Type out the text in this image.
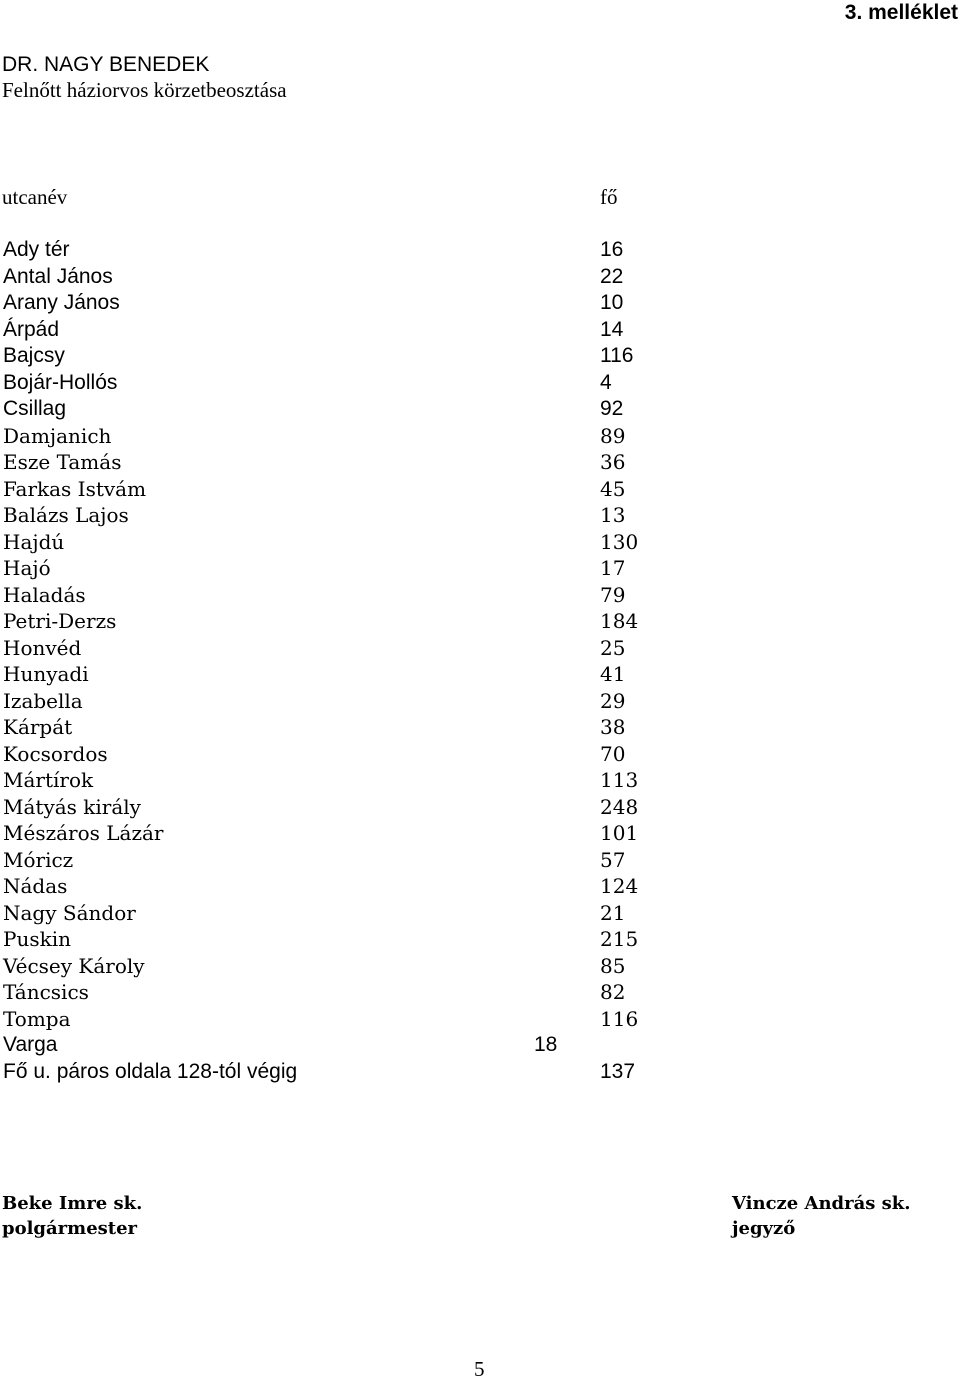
3. melléklet
DR. NAGY BENEDEK
Felnőtt háziorvos körzetbeosztása
utcanév	fő
Ady tér	16
Antal János	22
Arany János	10
Árpád	14
Bajcsy	116
Bojár-Hollós	4
Csillag	92
Damjanich	89
Esze Tamás	36
Farkas Istvám	45
Balázs Lajos	13
Hajdú	130
Hajó	17
Haladás	79
Petri-Derzs	184
Honvéd	25
Hunyadi	41
Izabella	29
Kárpát	38
Kocsordos	70
Mártírok	113
Mátyás király	248
Mészáros Lázár	101
Móricz	57
Nádas	124
Nagy Sándor	21
Puskin	215
Vécsey Károly	85
Táncsics	82
Tompa	116
Varga	18
Fő u. páros oldala 128-tól végig	137
Beke Imre sk.
polgármester
Vincze András sk.
jegyző
5
